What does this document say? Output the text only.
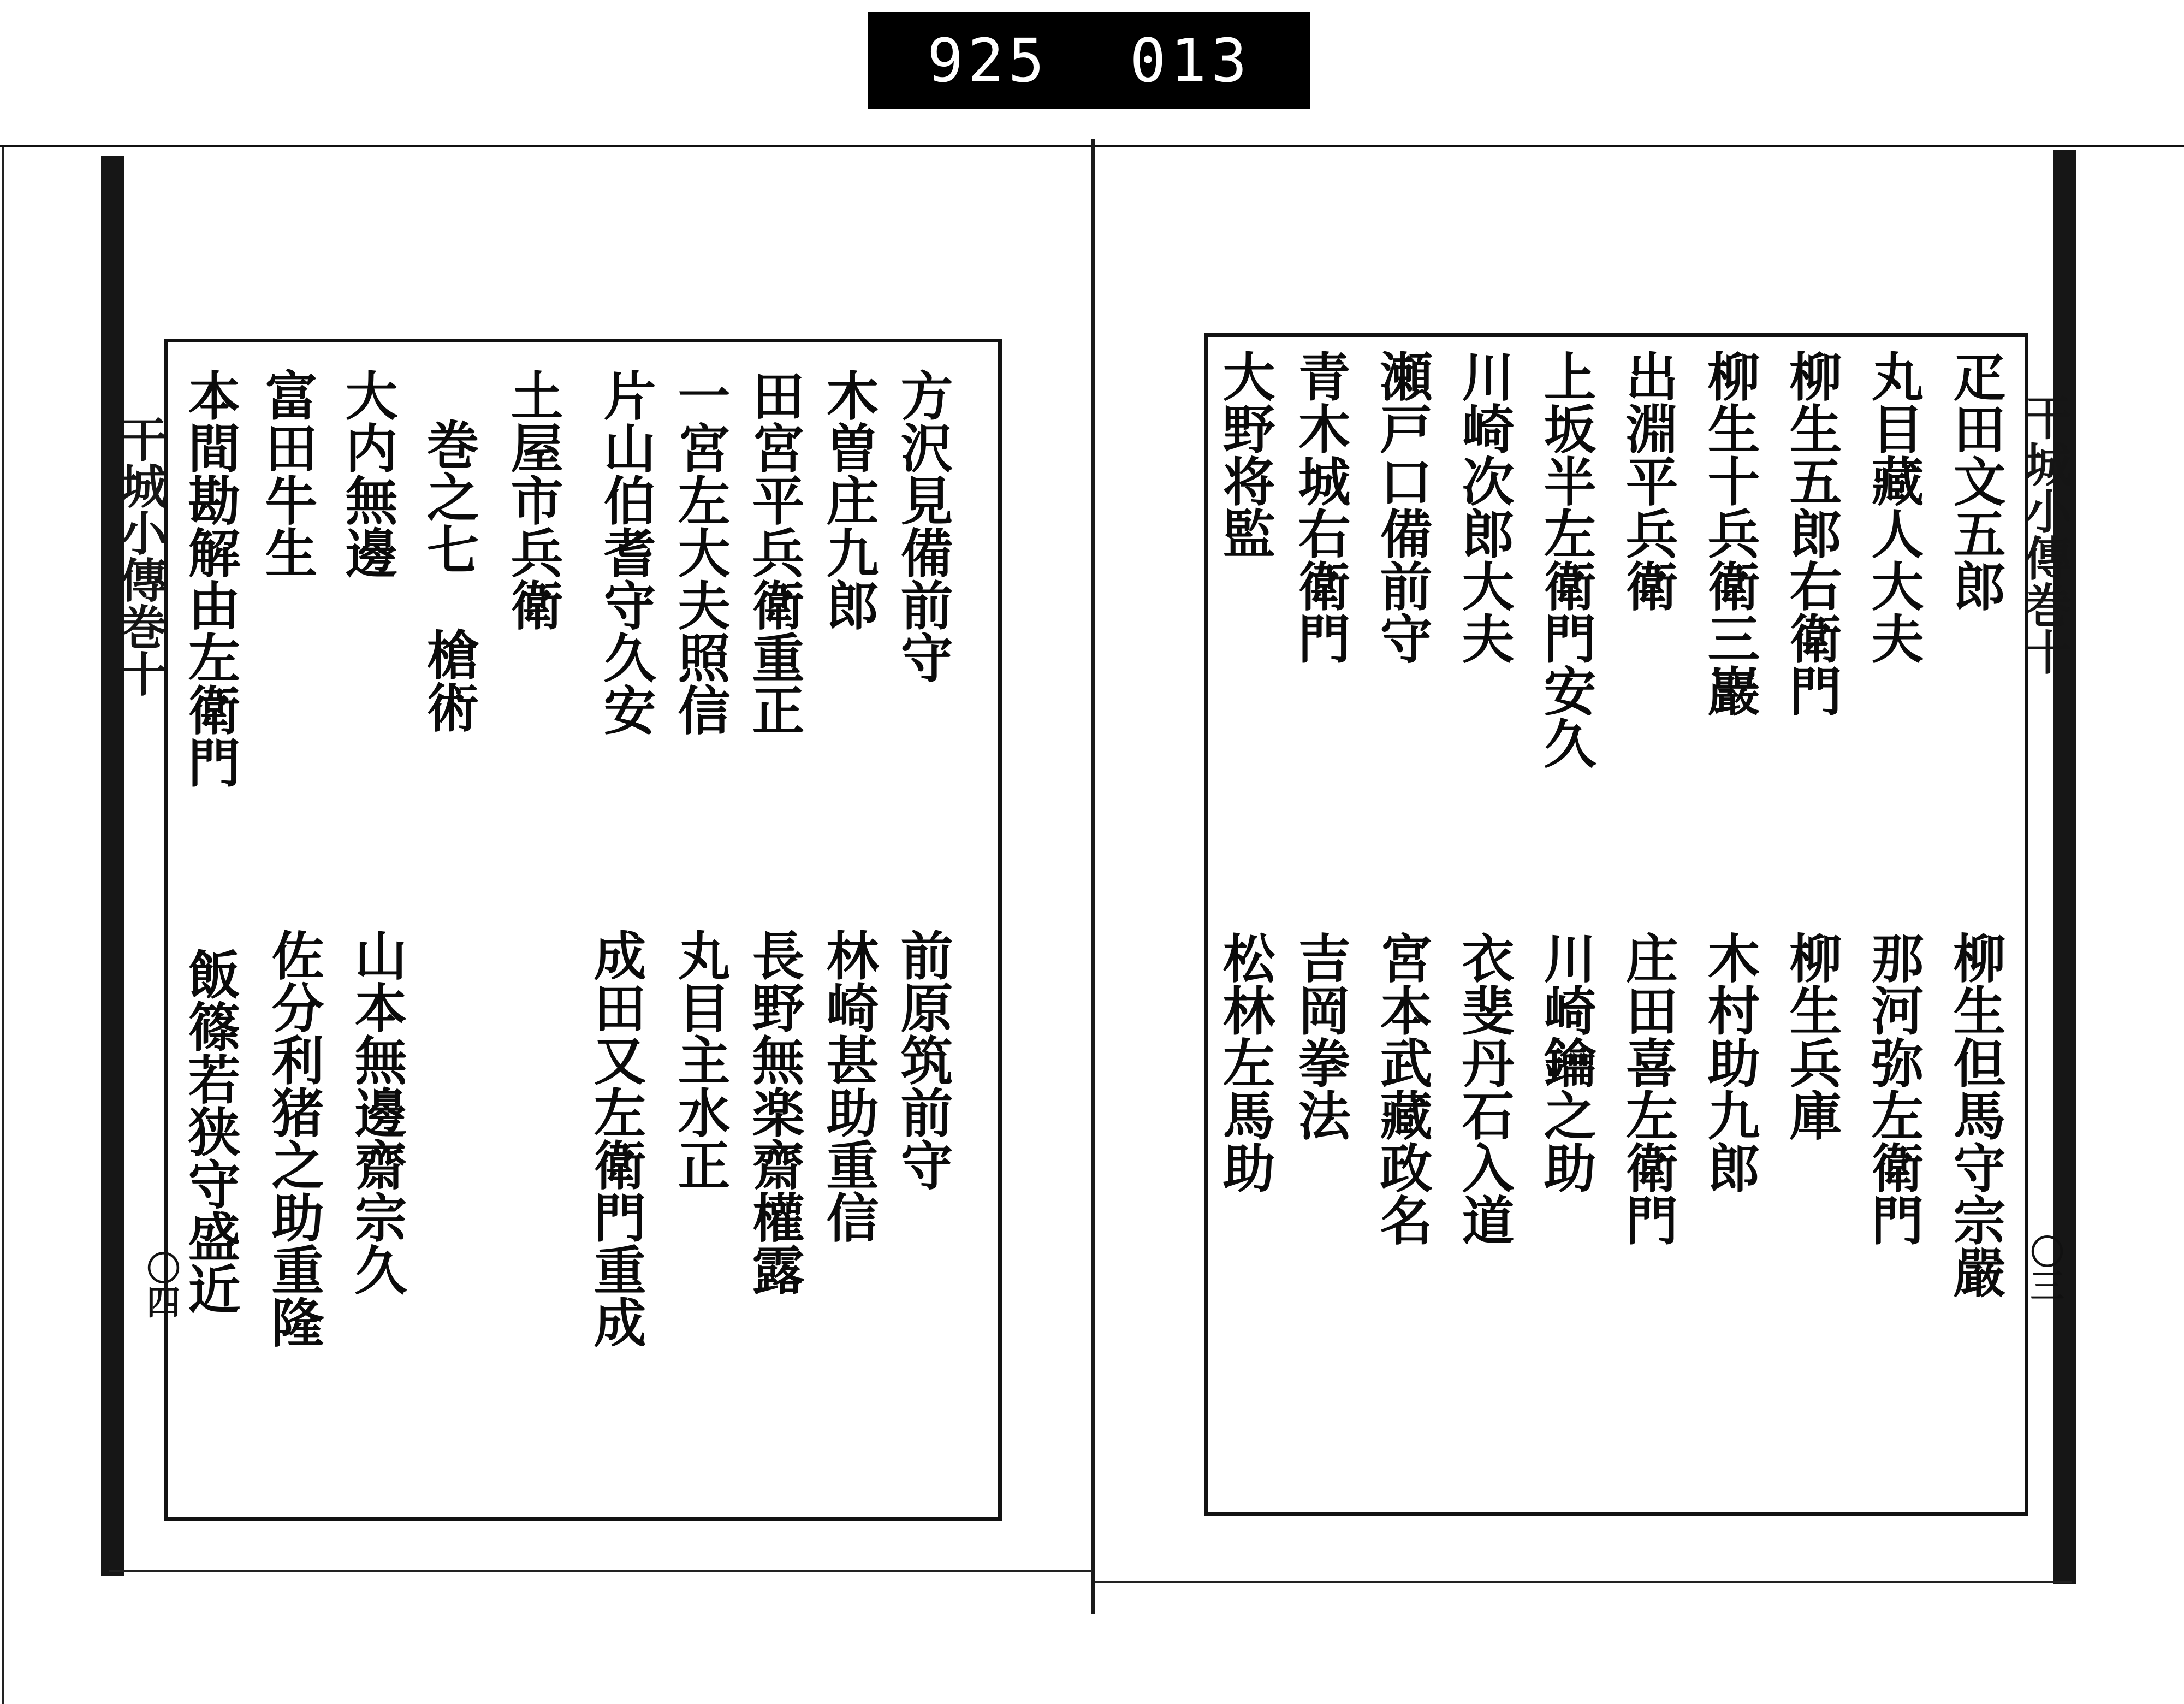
925  013
干城小傳巻十
〇四
干城小傳巻十
〇三
方沢見備前守
木曽庄九郎
田宮平兵衛重正
一宮左大夫照信
片山伯耆守久安
土屋市兵衛
巻之七
槍術
大内無邊
富田牛生
本間勘解由左衛門
前原筑前守
林崎甚助重信
長野無楽齋權露
丸目主水正
成田又左衛門重成
山本無邊齋宗久
佐分利猪之助重隆
飯篠若狭守盛近
疋田文五郎
丸目藏人大夫
柳生五郎右衛門
柳生十兵衛三巖
出淵平兵衛
上坂半左衛門安久
川崎次郎大夫
瀬戸口備前守
青木城右衛門
大野将監
柳生但馬守宗嚴
那河弥左衛門
柳生兵庫
木村助九郎
庄田喜左衛門
川崎鑰之助
衣斐丹石入道
宮本武藏政名
吉岡拳法
松林左馬助
